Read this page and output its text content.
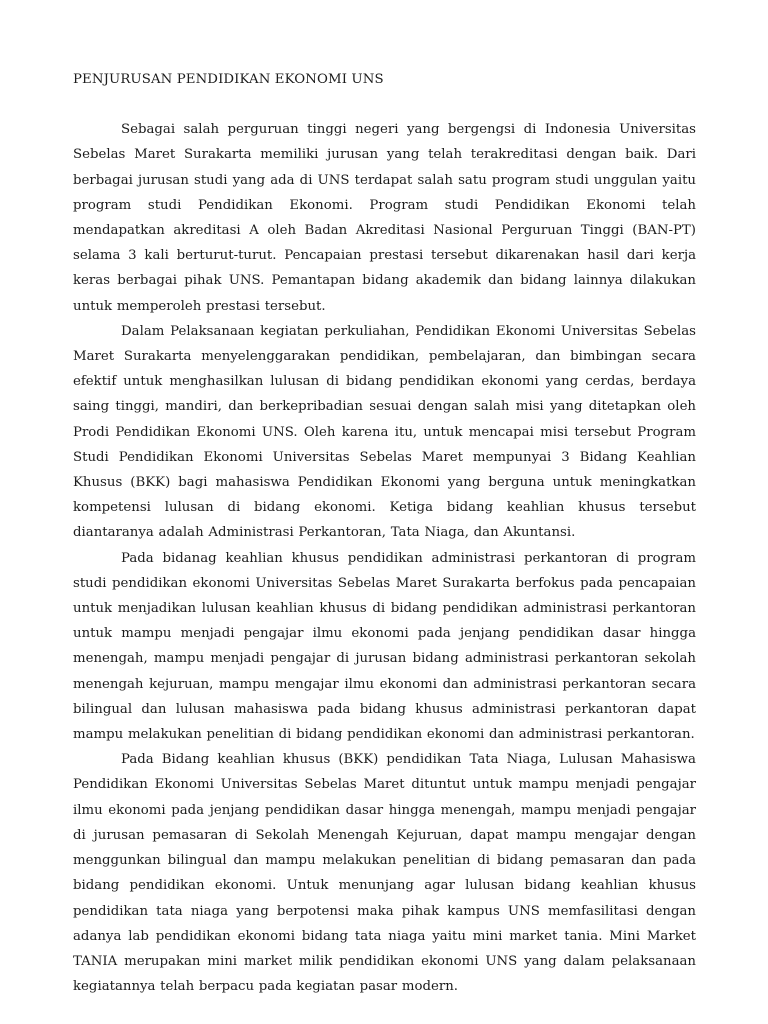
PENJURUSAN PENDIDIKAN EKONOMI UNS

Sebagai salah perguruan tinggi negeri yang bergengsi di Indonesia Universitas Sebelas Maret Surakarta memiliki jurusan yang telah terakreditasi dengan baik. Dari berbagai jurusan studi yang ada di UNS terdapat salah satu program studi unggulan yaitu program studi Pendidikan Ekonomi. Program studi Pendidikan Ekonomi telah mendapatkan akreditasi A oleh Badan Akreditasi Nasional Perguruan Tinggi (BAN-PT) selama 3 kali berturut-turut. Pencapaian prestasi tersebut dikarenakan hasil dari kerja keras berbagai pihak UNS. Pemantapan bidang akademik dan bidang lainnya dilakukan untuk memperoleh prestasi tersebut.

Dalam Pelaksanaan kegiatan perkuliahan, Pendidikan Ekonomi Universitas Sebelas Maret Surakarta menyelenggarakan pendidikan, pembelajaran, dan bimbingan secara efektif untuk menghasilkan lulusan di bidang pendidikan ekonomi yang cerdas, berdaya saing tinggi, mandiri, dan berkepribadian sesuai dengan salah misi yang ditetapkan oleh Prodi Pendidikan Ekonomi UNS. Oleh karena itu, untuk mencapai misi tersebut Program Studi Pendidikan Ekonomi Universitas Sebelas Maret mempunyai 3 Bidang Keahlian Khusus (BKK) bagi mahasiswa Pendidikan Ekonomi yang berguna untuk meningkatkan kompetensi lulusan di bidang ekonomi. Ketiga bidang keahlian khusus tersebut diantaranya adalah Administrasi Perkantoran, Tata Niaga, dan Akuntansi.

Pada bidanag keahlian khusus pendidikan administrasi perkantoran di program studi pendidikan ekonomi Universitas Sebelas Maret Surakarta berfokus pada pencapaian untuk menjadikan lulusan keahlian khusus di bidang pendidikan administrasi perkantoran untuk mampu menjadi pengajar ilmu ekonomi pada jenjang pendidikan dasar hingga menengah, mampu menjadi pengajar di jurusan bidang administrasi perkantoran sekolah menengah kejuruan, mampu mengajar ilmu ekonomi dan administrasi perkantoran secara bilingual dan lulusan mahasiswa pada bidang khusus administrasi perkantoran dapat mampu melakukan penelitian di bidang pendidikan ekonomi dan administrasi perkantoran.

Pada Bidang keahlian khusus (BKK) pendidikan Tata Niaga, Lulusan Mahasiswa Pendidikan Ekonomi Universitas Sebelas Maret dituntut untuk mampu menjadi pengajar ilmu ekonomi pada jenjang pendidikan dasar hingga menengah, mampu menjadi pengajar di jurusan pemasaran di Sekolah Menengah Kejuruan, dapat mampu mengajar dengan menggunkan bilingual dan mampu melakukan penelitian di bidang pemasaran dan pada bidang pendidikan ekonomi. Untuk menunjang agar lulusan bidang keahlian khusus pendidikan tata niaga yang berpotensi maka pihak kampus UNS memfasilitasi dengan adanya lab pendidikan ekonomi bidang tata niaga yaitu mini market tania. Mini Market TANIA merupakan mini market milik pendidikan ekonomi UNS yang dalam pelaksanaan kegiatannya telah berpacu pada kegiatan pasar modern.
